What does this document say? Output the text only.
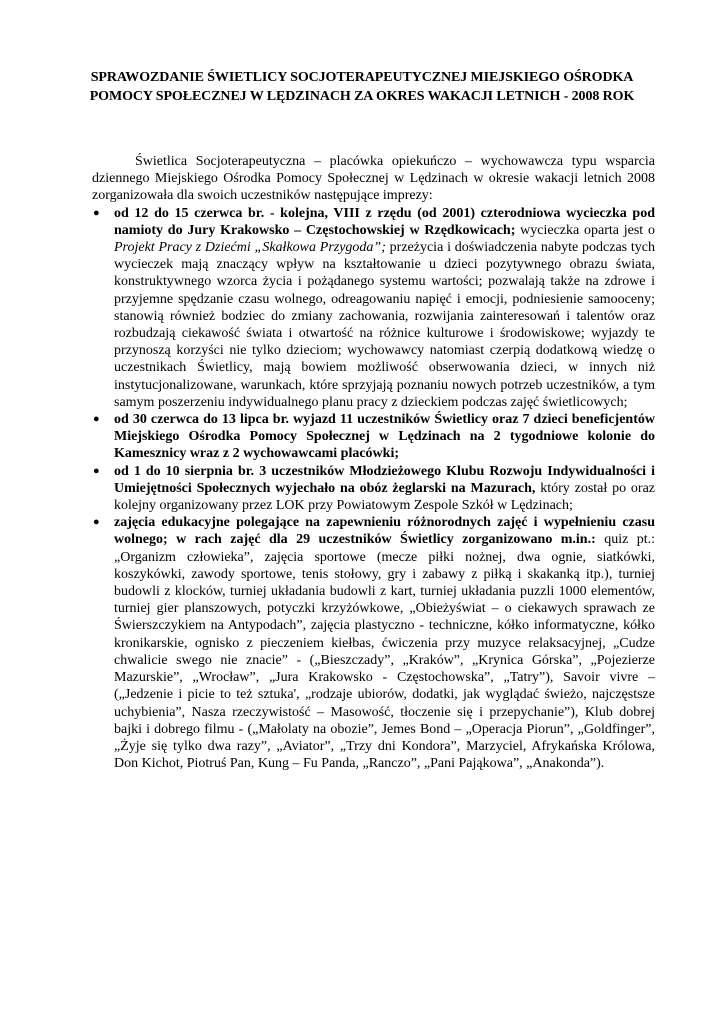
SPRAWOZDANIE ŚWIETLICY SOCJOTERAPEUTYCZNEJ MIEJSKIEGO OŚRODKA
POMOCY SPOŁECZNEJ W LĘDZINACH ZA OKRES WAKACJI LETNICH - 2008 ROK

Świetlica Socjoterapeutyczna – placówka opiekuńczo – wychowawcza typu wsparcia dziennego Miejskiego Ośrodka Pomocy Społecznej w Lędzinach w okresie wakacji letnich 2008 zorganizowała dla swoich uczestników następujące imprezy:

● od 12 do 15 czerwca br. - kolejna, VIII z rzędu (od 2001) czterodniowa wycieczka pod namioty do Jury Krakowsko – Częstochowskiej w Rzędkowicach; wycieczka oparta jest o Projekt Pracy z Dziećmi „Skałkowa Przygoda”; przeżycia i doświadczenia nabyte podczas tych wycieczek mają znaczący wpływ na kształtowanie u dzieci pozytywnego obrazu świata, konstruktywnego wzorca życia i pożądanego systemu wartości; pozwalają także na zdrowe i przyjemne spędzanie czasu wolnego, odreagowaniu napięć i emocji, podniesienie samooceny; stanowią również bodziec do zmiany zachowania, rozwijania zainteresowań i talentów oraz rozbudzają ciekawość świata i otwartość na różnice kulturowe i środowiskowe; wyjazdy te przynoszą korzyści nie tylko dzieciom; wychowawcy natomiast czerpią dodatkową wiedzę o uczestnikach Świetlicy, mają bowiem możliwość obserwowania dzieci, w innych niż instytucjonalizowane, warunkach, które sprzyjają poznaniu nowych potrzeb uczestników, a tym samym poszerzeniu indywidualnego planu pracy z dzieckiem podczas zajęć świetlicowych;
● od 30 czerwca do 13 lipca br. wyjazd 11 uczestników Świetlicy oraz 7 dzieci beneficjentów Miejskiego Ośrodka Pomocy Społecznej w Lędzinach na 2 tygodniowe kolonie do Kamesznicy wraz z 2 wychowawcami placówki;
● od 1 do 10 sierpnia br. 3 uczestników Młodzieżowego Klubu Rozwoju Indywidualności i Umiejętności Społecznych wyjechało na obóz żeglarski na Mazurach, który został po oraz kolejny organizowany przez LOK przy Powiatowym Zespole Szkół w Lędzinach;
● zajęcia edukacyjne polegające na zapewnieniu różnorodnych zajęć i wypełnieniu czasu wolnego; w rach zajęć dla 29 uczestników Świetlicy zorganizowano m.in.: quiz pt.: „Organizm człowieka”, zajęcia sportowe (mecze piłki nożnej, dwa ognie, siatkówki, koszykówki, zawody sportowe, tenis stołowy, gry i zabawy z piłką i skakanką itp.), turniej budowli z klocków, turniej układania budowli z kart, turniej układania puzzli 1000 elementów, turniej gier planszowych, potyczki krzyżówkowe, „Obieżyświat – o ciekawych sprawach ze Świerszczykiem na Antypodach”, zajęcia plastyczno - techniczne, kółko informatyczne, kółko kronikarskie, ognisko z pieczeniem kiełbas, ćwiczenia przy muzyce relaksacyjnej, „Cudze chwalicie swego nie znacie” - („Bieszczady”, „Kraków”, „Krynica Górska”, „Pojezierze Mazurskie”, „Wrocław”, „Jura Krakowsko - Częstochowska”, „Tatry”), Savoir vivre – („Jedzenie i picie to też sztuka', „rodzaje ubiorów, dodatki, jak wyglądać świeżo, najczęstsze uchybienia”, Nasza rzeczywistość – Masowość, tłoczenie się i przepychanie”), Klub dobrej bajki i dobrego filmu - („Małolaty na obozie”, Jemes Bond – „Operacja Piorun”, „Goldfinger”, „Żyje się tylko dwa razy”, „Aviator”, „Trzy dni Kondora”, Marzyciel, Afrykańska Królowa, Don Kichot, Piotruś Pan, Kung – Fu Panda, „Ranczo”, „Pani Pająkowa”, „Anakonda”).
